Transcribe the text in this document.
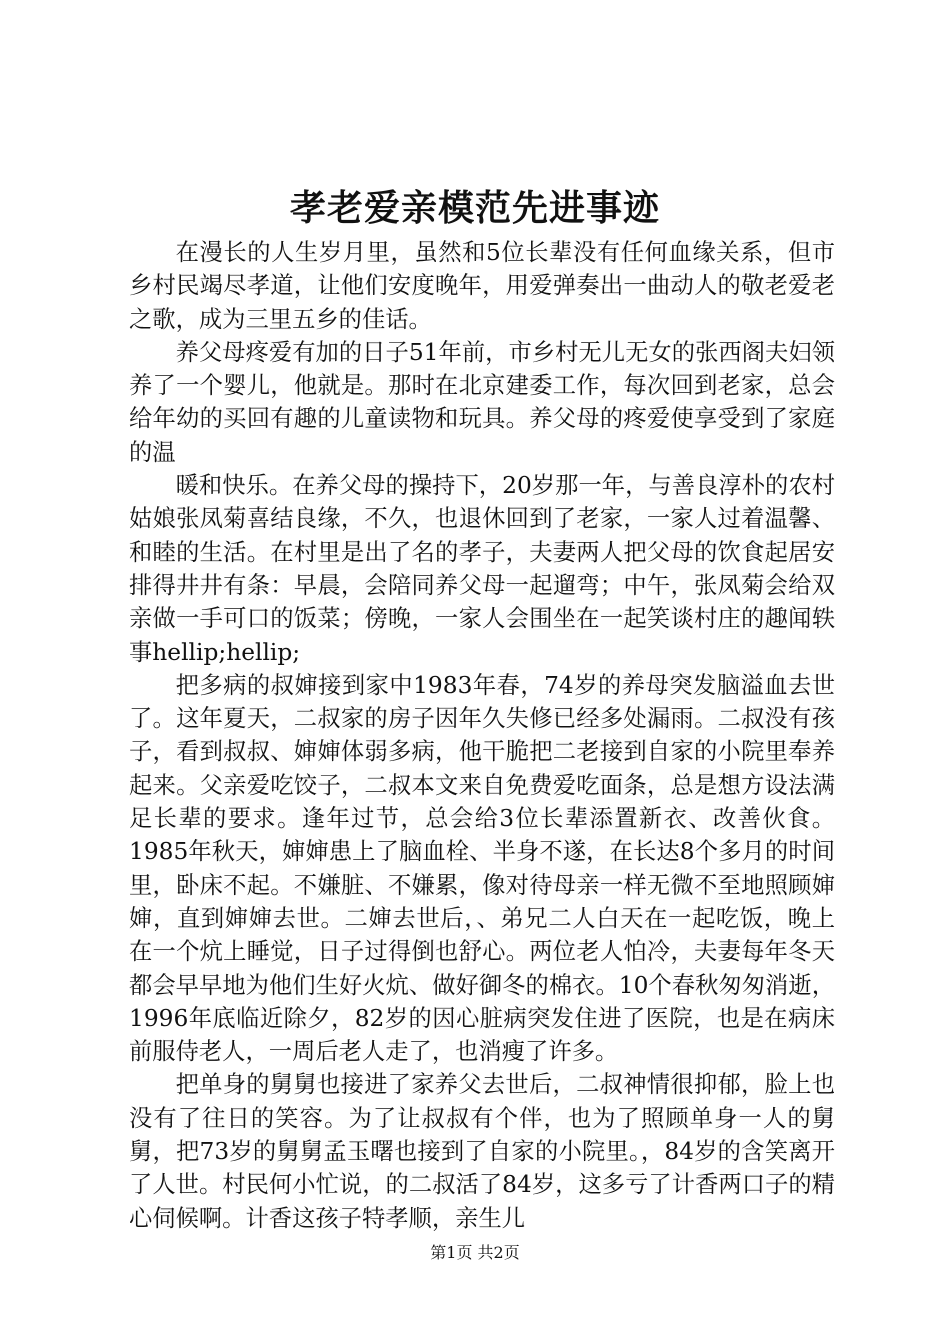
孝老爱亲模范先进事迹

在漫长的人生岁月里，虽然和5位长辈没有任何血缘关系，但市乡村民竭尽孝道，让他们安度晚年，用爱弹奏出一曲动人的敬老爱老之歌，成为三里五乡的佳话。

养父母疼爱有加的日子51年前，市乡村无儿无女的张西阁夫妇领养了一个婴儿，他就是。那时在北京建委工作，每次回到老家，总会给年幼的买回有趣的儿童读物和玩具。养父母的疼爱使享受到了家庭的温

暖和快乐。在养父母的操持下，20岁那一年，与善良淳朴的农村姑娘张凤菊喜结良缘，不久，也退休回到了老家，一家人过着温馨、和睦的生活。在村里是出了名的孝子，夫妻两人把父母的饮食起居安排得井井有条：早晨，会陪同养父母一起遛弯；中午，张凤菊会给双亲做一手可口的饭菜；傍晚，一家人会围坐在一起笑谈村庄的趣闻轶事hellip;hellip;

把多病的叔婶接到家中1983年春，74岁的养母突发脑溢血去世了。这年夏天，二叔家的房子因年久失修已经多处漏雨。二叔没有孩子，看到叔叔、婶婶体弱多病，他干脆把二老接到自家的小院里奉养起来。父亲爱吃饺子，二叔本文来自免费爱吃面条，总是想方设法满足长辈的要求。逢年过节，总会给3位长辈添置新衣、改善伙食。1985年秋天，婶婶患上了脑血栓、半身不遂，在长达8个多月的时间里，卧床不起。不嫌脏、不嫌累，像对待母亲一样无微不至地照顾婶婶，直到婶婶去世。二婶去世后，、弟兄二人白天在一起吃饭，晚上在一个炕上睡觉，日子过得倒也舒心。两位老人怕冷，夫妻每年冬天都会早早地为他们生好火炕、做好御冬的棉衣。10个春秋匆匆消逝，1996年底临近除夕，82岁的因心脏病突发住进了医院，也是在病床前服侍老人，一周后老人走了，也消瘦了许多。

把单身的舅舅也接进了家养父去世后，二叔神情很抑郁，脸上也没有了往日的笑容。为了让叔叔有个伴，也为了照顾单身一人的舅舅，把73岁的舅舅孟玉曙也接到了自家的小院里。，84岁的含笑离开了人世。村民何小忙说，的二叔活了84岁，这多亏了计香两口子的精心伺候啊。计香这孩子特孝顺，亲生儿

第1页 共2页
